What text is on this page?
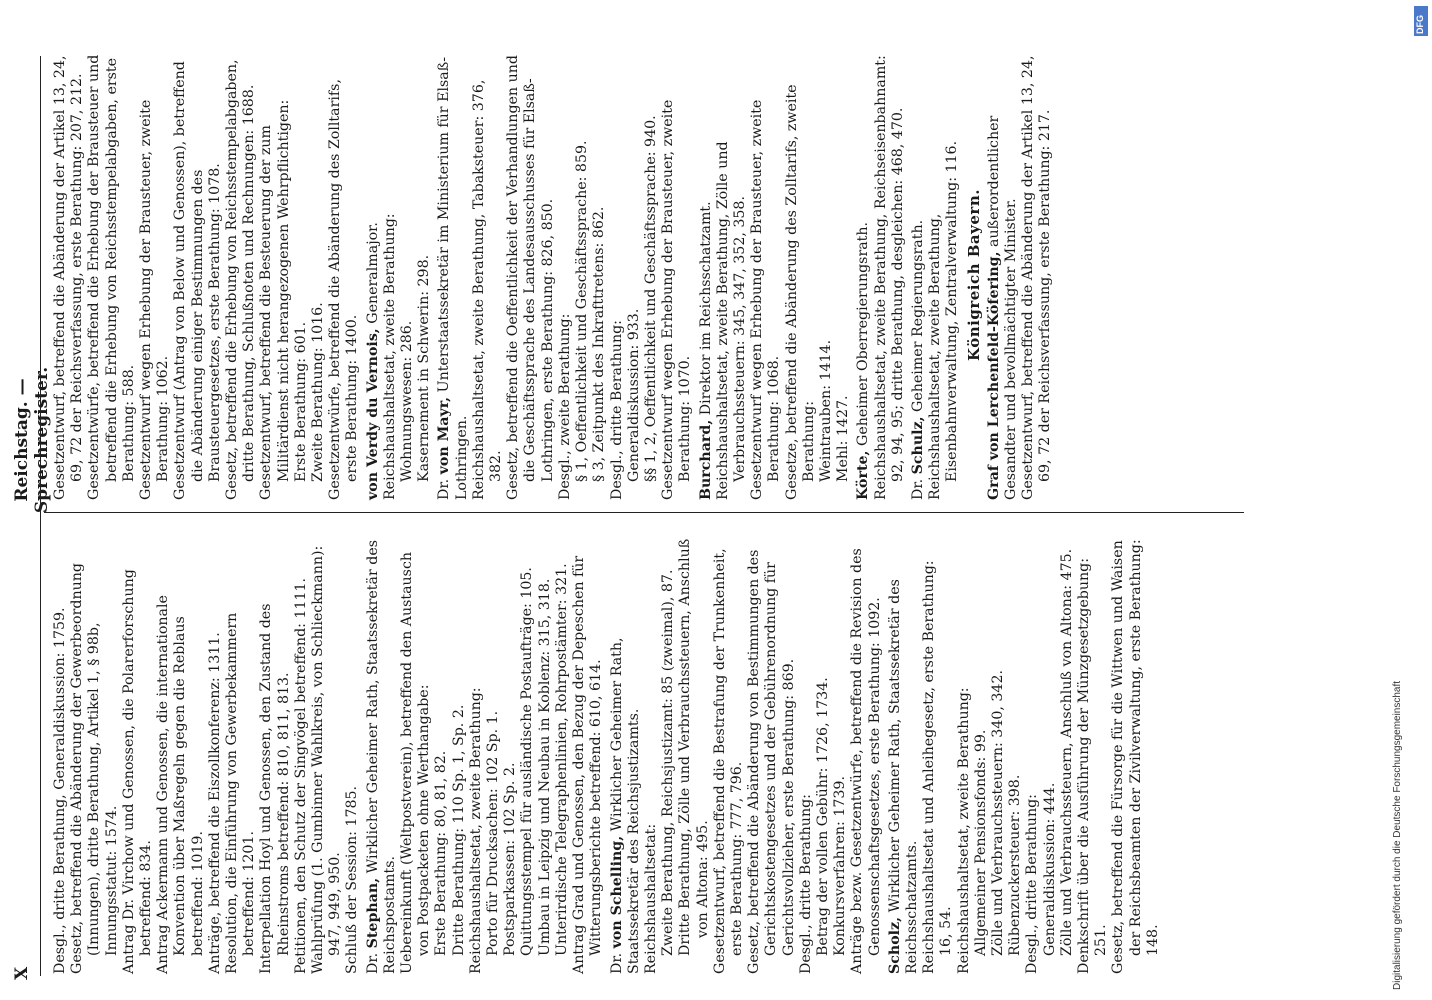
X
Reichstag. — Sprechregister.
Desgl., dritte Berathung, Generaldiskussion: 1759. Gesetz, betreffend die Abänderung der Gewerbeordnung (Innungen), dritte Berathung, Artikel 1, § 98b, Innungsstatut: 1574. Antrag Dr. Virchow und Genossen, die Polarerforschung betreffend: 834. Antrag Ackermann und Genossen, die internationale Konvention über Maßregeln gegen die Reblaus betreffend: 1019. Anträge, betreffend die Eiszollkonferenz: 1311. Resolution, die Einführung von Gewerbekammern betreffend: 1201. Interpellation Hoyl und Genossen, den Zustand des Rheinstroms betreffend: 810, 811, 813. Petitionen, den Schutz der Singvögel betreffend: 1111. Wahlprüfung (1. Gumbinner Wahlkreis, von Schlieckmann): 947, 949, 950. Schluß der Session: 1785. Dr. Stephan, Wirklicher Geheimer Rath, Staatssekretär des Reichspostamts. Uebereinkunft (Weltpostverein), betreffend den Austausch von Postpacketen ohne Werthangabe: Erste Berathung: 80, 81, 82. Dritte Berathung: 110 Sp. 1, Sp. 2. Reichshaushaltsetat, zweite Berathung: Porto für Drucksachen: 102 Sp. 1. Postsparkassen: 102 Sp. 2. Quittungsstempel für ausländische Postaufträge: 105. Umbau in Leipzig und Neubau in Koblenz: 315, 318. Unterirdische Telegraphenlinien, Rohrpostämter: 321. Antrag Grad und Genossen, den Bezug der Depeschen für Witterungsberichte betreffend: 610, 614.
Dr. von Schelling, Wirklicher Geheimer Rath, Staatssekretär des Reichsjustizamts. Reichshaushaltsetat: Zweite Berathung, Reichsjustizamt: 85 (zweimal), 87. Dritte Berathung, Zölle und Verbrauchssteuern, Anschluß von Altona: 495. Gesetzentwurf, betreffend die Bestrafung der Trunkenheit, erste Berathung: 777, 796. Gesetz, betreffend die Abänderung von Bestimmungen des Gerichtskostengesetzes und der Gebührenordnung für Gerichtsvollzieher, erste Berathung: 869. Desgl., dritte Berathung: Betrag der vollen Gebühr: 1726, 1734. Konkursverfahren: 1739. Anträge bezw. Gesetzentwürfe, betreffend die Revision des Genossenschaftsgesetzes, erste Berathung: 1092. Scholz, Wirklicher Geheimer Rath, Staatssekretär des Reichsschatzamts. Reichshaushaltsetat und Anleihegesetz, erste Berathung: 16, 54. Reichshaushaltsetat, zweite Berathung: Allgemeiner Pensionsfonds: 99. Zölle und Verbrauchssteuern: 340, 342. Rübenzuckersteuer: 398. Desgl., dritte Berathung: Generaldiskussion: 444. Zölle und Verbrauchssteuern, Anschluß von Altona: 475. Denkschrift über die Ausführung der Münzgesetzgebung: 251. Gesetz, betreffend die Fürsorge für die Wittwen und Waisen der Reichsbeamten der Zivilverwaltung, erste Berathung: 148.
Gesetzentwurf, betreffend die Abänderung der Artikel 13, 24, 69, 72 der Reichsverfassung, erste Berathung: 207, 212. Gesetzentwürfe, betreffend die Erhebung der Brausteuer und betreffend die Erhebung von Reichsstempelabgaben, erste Berathung: 588. Gesetzentwurf wegen Erhebung der Brausteuer, zweite Berathung: 1062. Gesetzentwurf (Antrag von Below und Genossen), betreffend die Abänderung einiger Bestimmungen des Brausteuergesetzes, erste Berathung: 1078. Gesetz, betreffend die Erhebung von Reichsstempelabgaben, dritte Berathung, Schlußnoten und Rechnungen: 1688. Gesetzentwurf, betreffend die Besteuerung der zum Militärdienst nicht herangezogenen Wehrpflichtigen: Erste Berathung: 601. Zweite Berathung: 1016. Gesetzentwürfe, betreffend die Abänderung des Zolltarifs, erste Berathung: 1400. von Verdy du Vernois, Generalmajor. Reichshaushaltsetat, zweite Berathung: Wohnungswesen: 286. Kasernement in Schwerin: 298.
Dr. von Mayr, Unterstaatssekretär im Ministerium für Elsaß-Lothringen. Reichshaushaltsetat, zweite Berathung, Tabaksteuer: 376, 382. Gesetz, betreffend die Oeffentlichkeit der Verhandlungen und die Geschäftssprache des Landesausschusses für Elsaß-Lothringen, erste Berathung: 826, 850. Desgl., zweite Berathung: § 1, Oeffentlichkeit und Geschäftssprache: 859. § 3, Zeitpunkt des Inkrafttretens: 862. Desgl., dritte Berathung: Generaldiskussion: 933. §§ 1, 2, Oeffentlichkeit und Geschäftssprache: 940. Gesetzentwurf wegen Erhebung der Brausteuer, zweite Berathung: 1070. Burchard, Direktor im Reichsschatzamt. Reichshaushaltsetat, zweite Berathung, Zölle und Verbrauchssteuern: 345, 347, 352, 358. Gesetzentwurf wegen Erhebung der Brausteuer, zweite Berathung: 1068. Gesetze, betreffend die Abänderung des Zolltarifs, zweite Berathung: Weintrauben: 1414. Mehl: 1427. Körte, Geheimer Oberregierungsrath. Reichshaushaltsetat, zweite Berathung, Reichseisenbahnamt: 92, 94, 95; dritte Berathung, desgleichen: 468, 470.
Dr. Schulz, Geheimer Regierungsrath. Reichshaushaltsetat, zweite Berathung, Eisenbahnverwaltung, Zentralverwaltung: 116. Königreich Bayern. Graf von Lerchenfeld-Köfering, außerordentlicher Gesandter und bevollmächtigter Minister. Gesetzentwurf, betreffend die Abänderung der Artikel 13, 24, 69, 72 der Reichsverfassung, erste Berathung: 217.
Digitalisierung gefördert durch die Deutsche Forschungsgemeinschaft
DFG
